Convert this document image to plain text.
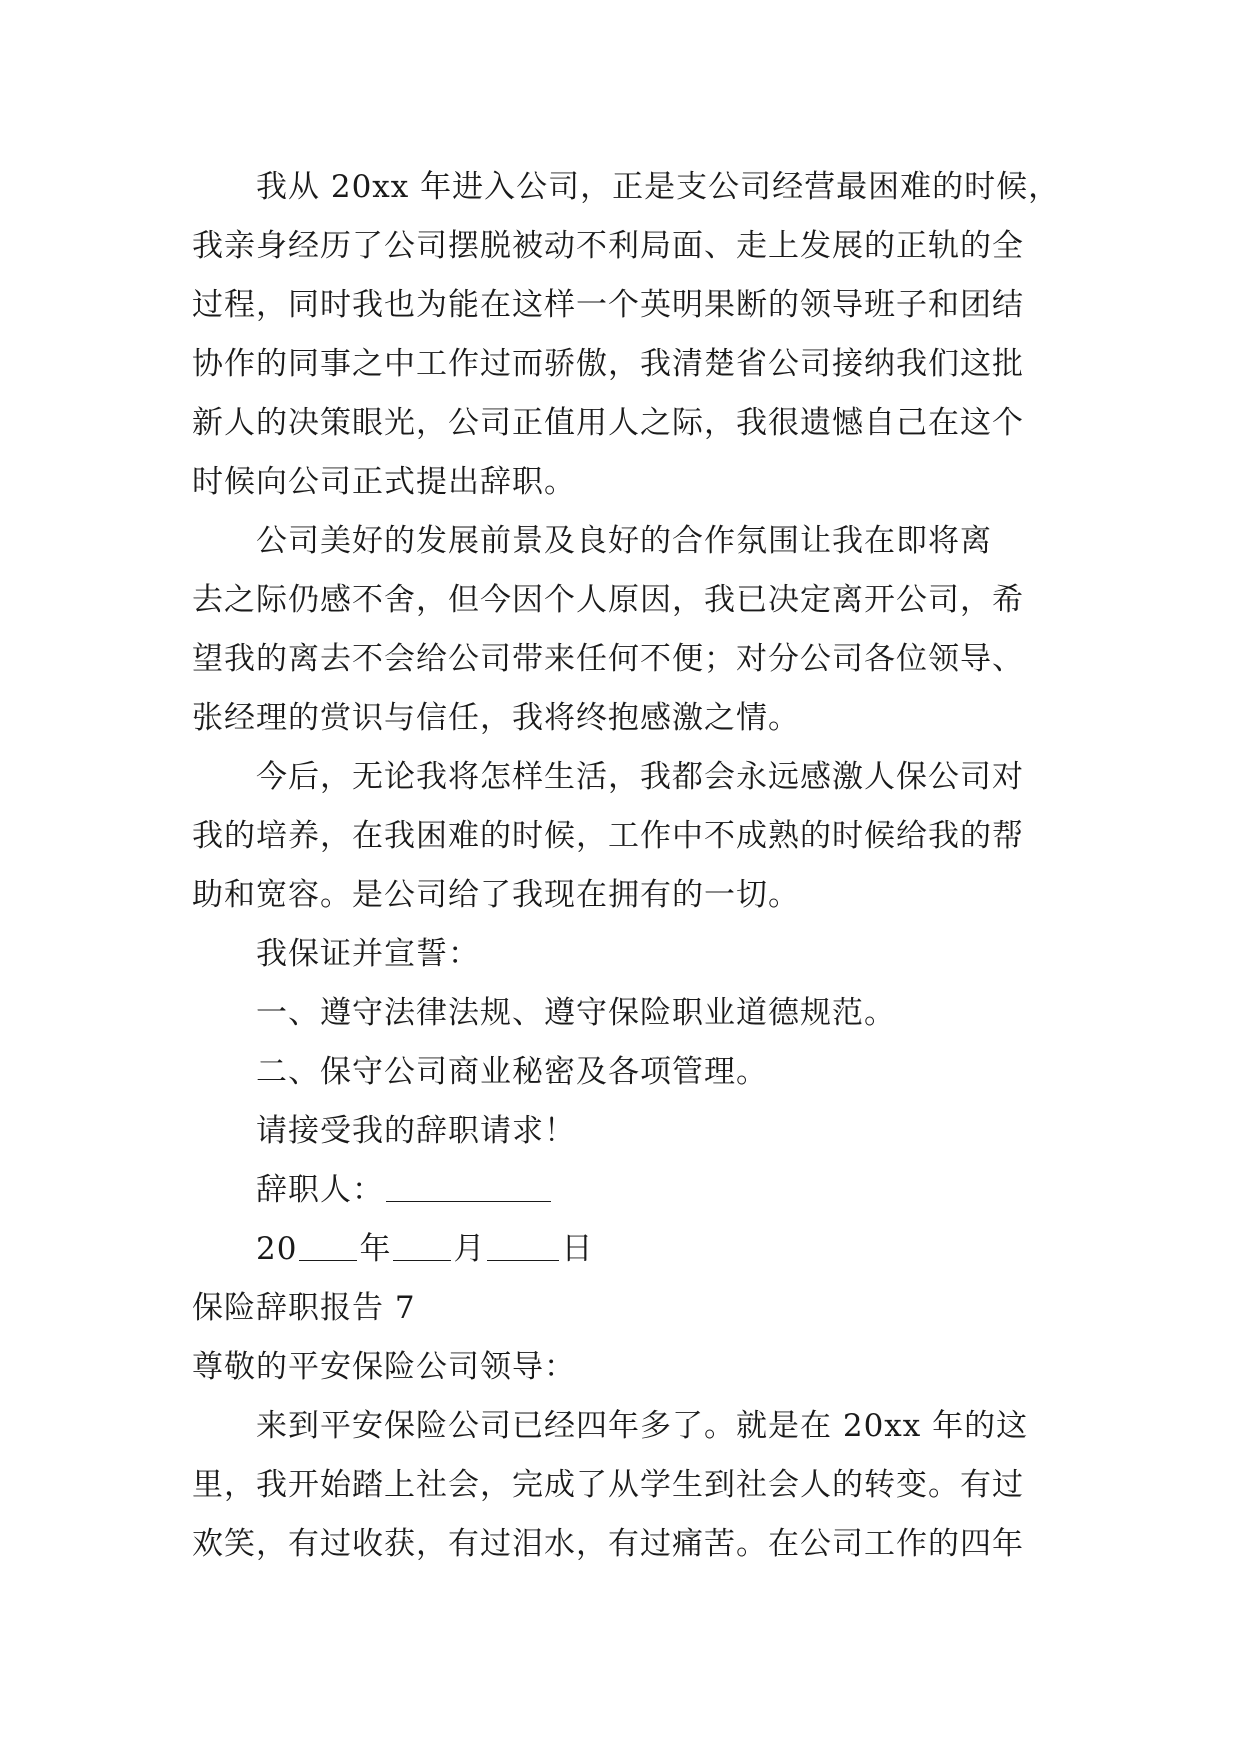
我从 20xx 年进入公司，正是支公司经营最困难的时候，
我亲身经历了公司摆脱被动不利局面、走上发展的正轨的全
过程，同时我也为能在这样一个英明果断的领导班子和团结
协作的同事之中工作过而骄傲，我清楚省公司接纳我们这批
新人的决策眼光，公司正值用人之际，我很遗憾自己在这个
时候向公司正式提出辞职。
公司美好的发展前景及良好的合作氛围让我在即将离
去之际仍感不舍，但今因个人原因，我已决定离开公司，希
望我的离去不会给公司带来任何不便；对分公司各位领导、
张经理的赏识与信任，我将终抱感激之情。
今后，无论我将怎样生活，我都会永远感激人保公司对
我的培养，在我困难的时候，工作中不成熟的时候给我的帮
助和宽容。是公司给了我现在拥有的一切。
我保证并宣誓：
一、遵守法律法规、遵守保险职业道德规范。
二、保守公司商业秘密及各项管理。
请接受我的辞职请求！
辞职人：
20 年 月 日
保险辞职报告 7
尊敬的平安保险公司领导：
来到平安保险公司已经四年多了。就是在 20xx 年的这
里，我开始踏上社会，完成了从学生到社会人的转变。有过
欢笑，有过收获，有过泪水，有过痛苦。在公司工作的四年
